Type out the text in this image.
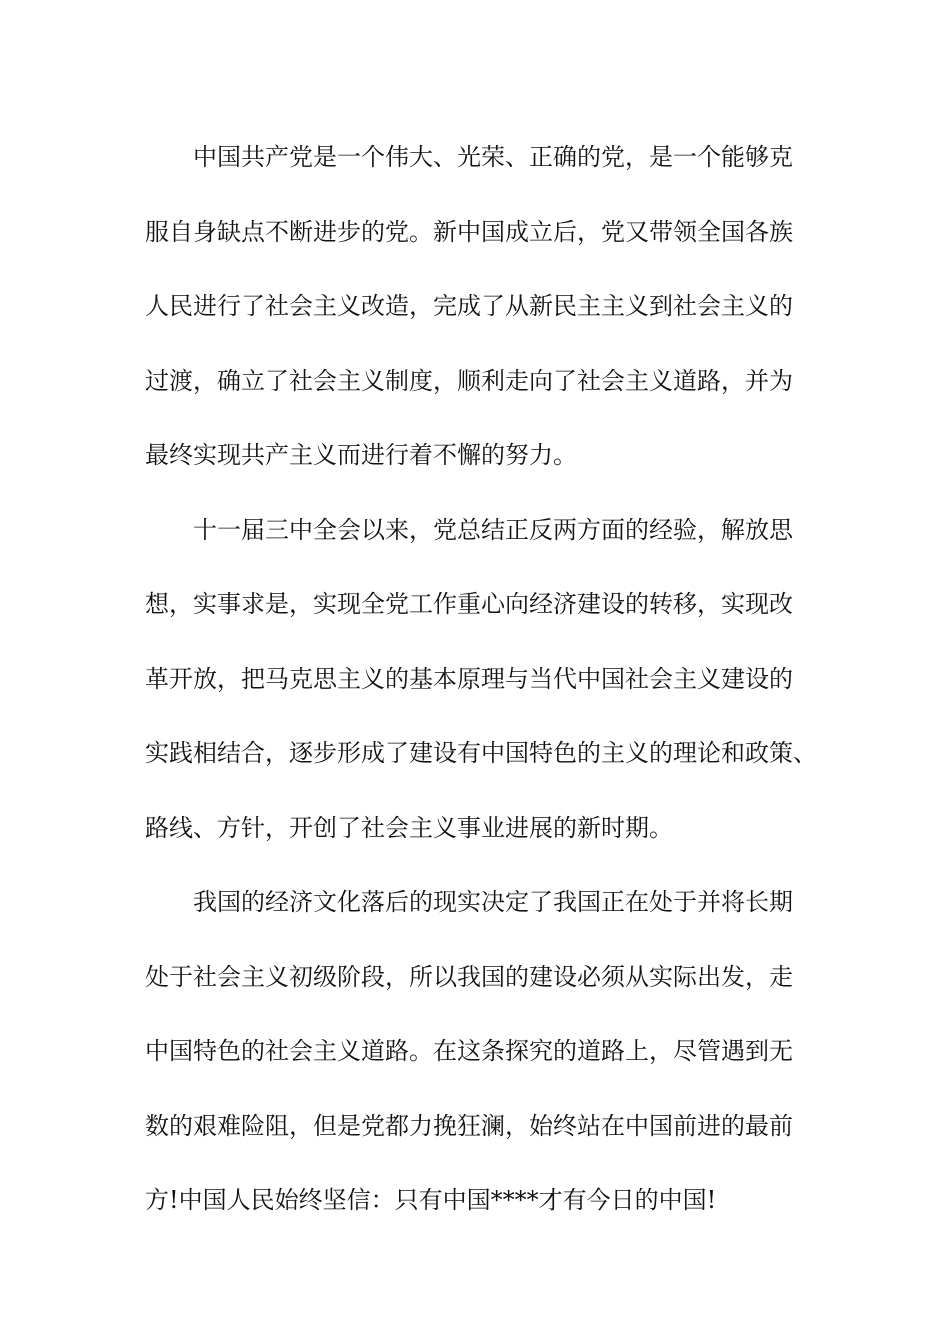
中国共产党是一个伟大、光荣、正确的党，是一个能够克
服自身缺点不断进步的党。新中国成立后，党又带领全国各族
人民进行了社会主义改造，完成了从新民主主义到社会主义的
过渡，确立了社会主义制度，顺利走向了社会主义道路，并为
最终实现共产主义而进行着不懈的努力。
十一届三中全会以来，党总结正反两方面的经验，解放思
想，实事求是，实现全党工作重心向经济建设的转移，实现改
革开放，把马克思主义的基本原理与当代中国社会主义建设的
实践相结合，逐步形成了建设有中国特色的主义的理论和政策、
路线、方针，开创了社会主义事业进展的新时期。
我国的经济文化落后的现实决定了我国正在处于并将长期
处于社会主义初级阶段，所以我国的建设必须从实际出发，走
中国特色的社会主义道路。在这条探究的道路上，尽管遇到无
数的艰难险阻，但是党都力挽狂澜，始终站在中国前进的最前
方!中国人民始终坚信：只有中国****才有今日的中国!
